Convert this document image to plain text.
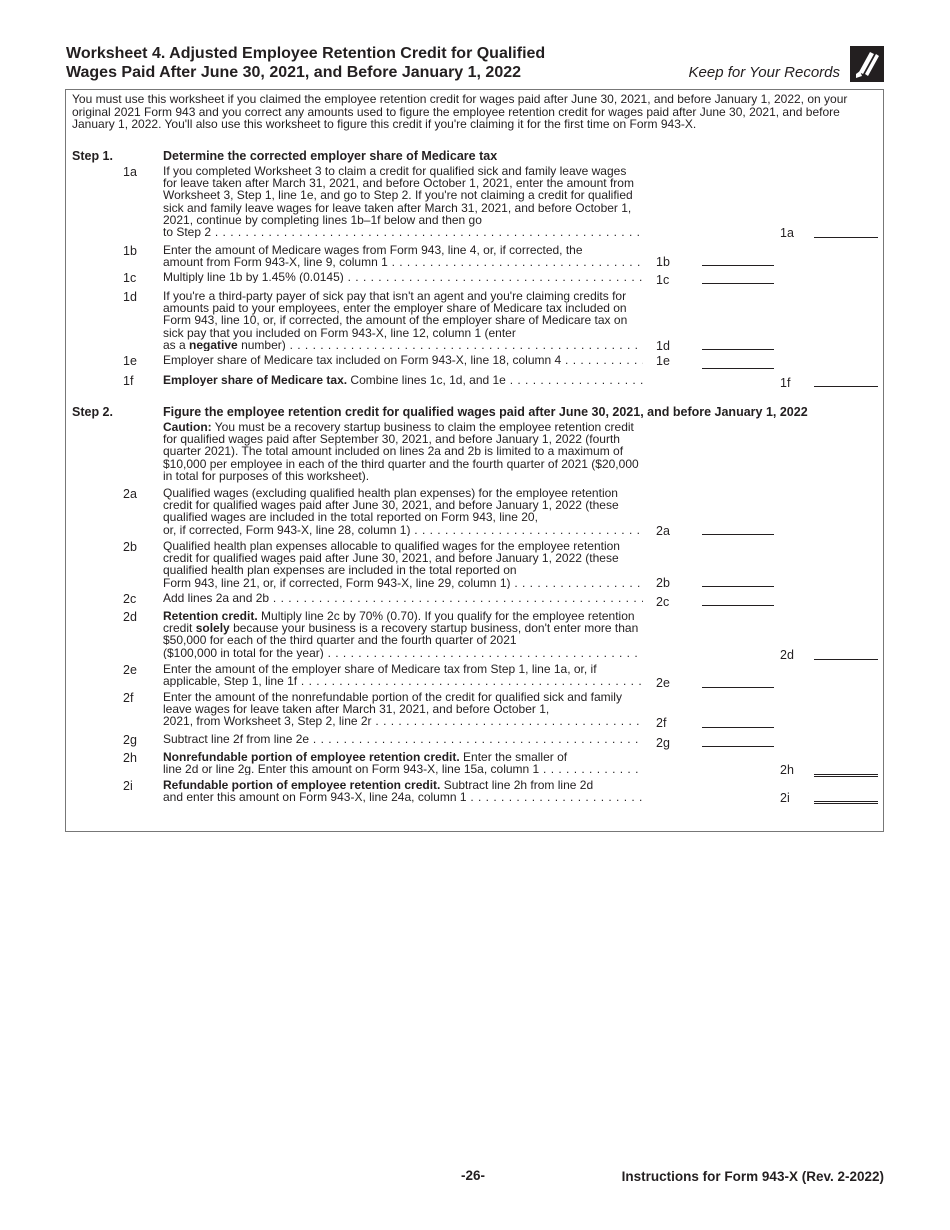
Worksheet 4. Adjusted Employee Retention Credit for Qualified
Wages Paid After June 30, 2021, and Before January 1, 2022	Keep for Your Records
You must use this worksheet if you claimed the employee retention credit for wages paid after June 30, 2021, and before January 1, 2022, on your original 2021 Form 943 and you correct any amounts used to figure the employee retention credit for wages paid after June 30, 2021, and before January 1, 2022. You'll also use this worksheet to figure this credit if you're claiming it for the first time on Form 943-X.
Step 1.	Determine the corrected employer share of Medicare tax
1a If you completed Worksheet 3 to claim a credit for qualified sick and family leave wages for leave taken after March 31, 2021, and before October 1, 2021, enter the amount from Worksheet 3, Step 1, line 1e, and go to Step 2. If you're not claiming a credit for qualified sick and family leave wages for leave taken after March 31, 2021, and before October 1, 2021, continue by completing lines 1b–1f below and then go
to Step 2 . . .	1a
1b Enter the amount of Medicare wages from Form 943, line 4, or, if corrected, the
amount from Form 943-X, line 9, column 1 . . .	1b
1c Multiply line 1b by 1.45% (0.0145) . . .	1c
1d If you're a third-party payer of sick pay that isn't an agent and you're claiming credits for amounts paid to your employees, enter the employer share of Medicare tax included on Form 943, line 10, or, if corrected, the amount of the employer share of Medicare tax on sick pay that you included on Form 943-X, line 12, column 1 (enter
as a negative number) . . .	1d
1e Employer share of Medicare tax included on Form 943-X, line 18, column 4 . . .	1e
1f Employer share of Medicare tax. Combine lines 1c, 1d, and 1e . . .	1f
Step 2.	Figure the employee retention credit for qualified wages paid after June 30, 2021, and before January 1, 2022
Caution: You must be a recovery startup business to claim the employee retention credit for qualified wages paid after September 30, 2021, and before January 1, 2022 (fourth quarter 2021). The total amount included on lines 2a and 2b is limited to a maximum of $10,000 per employee in each of the third quarter and the fourth quarter of 2021 ($20,000 in total for purposes of this worksheet).
2a Qualified wages (excluding qualified health plan expenses) for the employee retention credit for qualified wages paid after June 30, 2021, and before January 1, 2022 (these qualified wages are included in the total reported on Form 943, line 20,
or, if corrected, Form 943-X, line 28, column 1) . . .	2a
2b Qualified health plan expenses allocable to qualified wages for the employee retention credit for qualified wages paid after June 30, 2021, and before January 1, 2022 (these qualified health plan expenses are included in the total reported on
Form 943, line 21, or, if corrected, Form 943-X, line 29, column 1) . . .	2b
2c Add lines 2a and 2b . . .	2c
2d Retention credit. Multiply line 2c by 70% (0.70). If you qualify for the employee retention credit solely because your business is a recovery startup business, don't enter more than $50,000 for each of the third quarter and the fourth quarter of 2021
($100,000 in total for the year) . . .	2d
2e Enter the amount of the employer share of Medicare tax from Step 1, line 1a, or, if
applicable, Step 1, line 1f . . .	2e
2f Enter the amount of the nonrefundable portion of the credit for qualified sick and family leave wages for leave taken after March 31, 2021, and before October 1,
2021, from Worksheet 3, Step 2, line 2r . . .	2f
2g Subtract line 2f from line 2e . . .	2g
2h Nonrefundable portion of employee retention credit. Enter the smaller of
line 2d or line 2g. Enter this amount on Form 943-X, line 15a, column 1 . . .	2h
2i	Refundable portion of employee retention credit. Subtract line 2h from line 2d
and enter this amount on Form 943-X, line 24a, column 1 . . .	2i
-26-	Instructions for Form 943-X (Rev. 2-2022)
